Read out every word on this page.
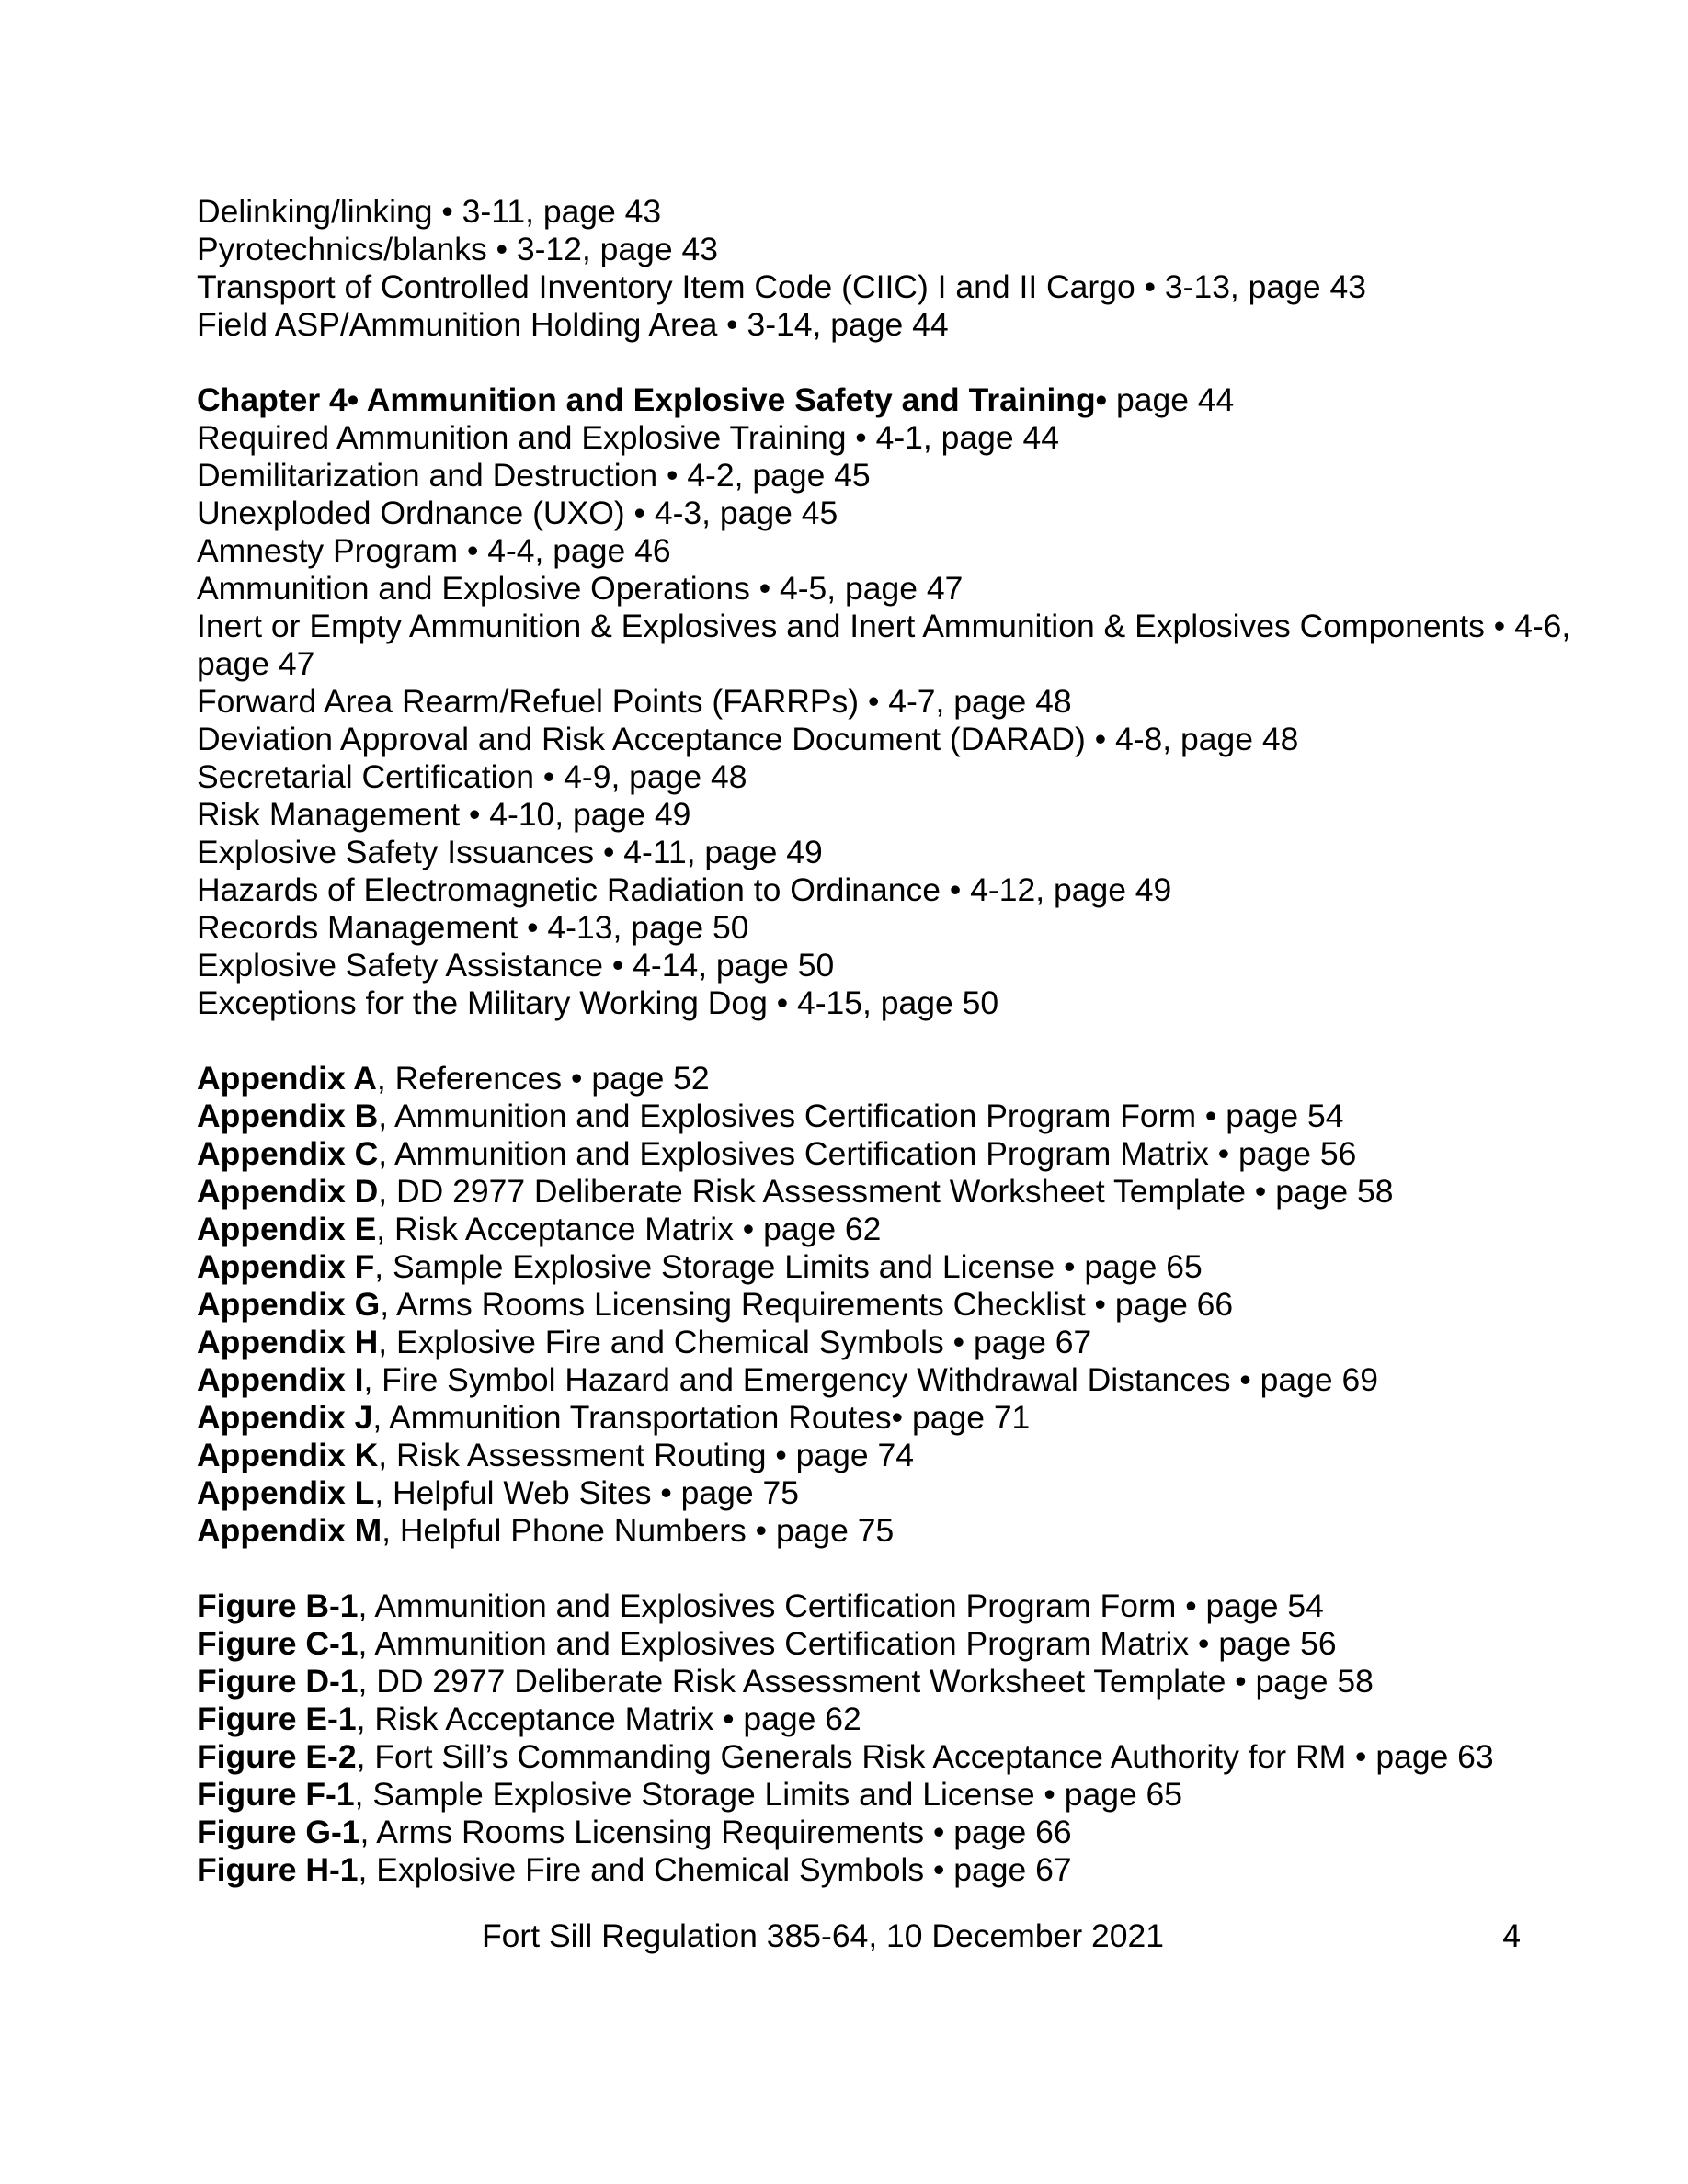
Delinking/linking • 3-11, page 43
Pyrotechnics/blanks • 3-12, page 43
Transport of Controlled Inventory Item Code (CIIC) I and II Cargo • 3-13, page 43
Field ASP/Ammunition Holding Area • 3-14, page 44
Chapter 4• Ammunition and Explosive Safety and Training• page 44
Required Ammunition and Explosive Training • 4-1, page 44
Demilitarization and Destruction • 4-2, page 45
Unexploded Ordnance (UXO) • 4-3, page 45
Amnesty Program • 4-4, page 46
Ammunition and Explosive Operations • 4-5, page 47
Inert or Empty Ammunition & Explosives and Inert Ammunition & Explosives Components • 4-6, page 47
Forward Area Rearm/Refuel Points (FARRPs) • 4-7, page 48
Deviation Approval and Risk Acceptance Document (DARAD) • 4-8, page 48
Secretarial Certification • 4-9, page 48
Risk Management • 4-10, page 49
Explosive Safety Issuances • 4-11, page 49
Hazards of Electromagnetic Radiation to Ordinance • 4-12, page 49
Records Management • 4-13, page 50
Explosive Safety Assistance • 4-14, page 50
Exceptions for the Military Working Dog • 4-15, page 50
Appendix A, References • page 52
Appendix B, Ammunition and Explosives Certification Program Form • page 54
Appendix C, Ammunition and Explosives Certification Program Matrix • page 56
Appendix D, DD 2977 Deliberate Risk Assessment Worksheet Template • page 58
Appendix E, Risk Acceptance Matrix • page 62
Appendix F, Sample Explosive Storage Limits and License • page 65
Appendix G, Arms Rooms Licensing Requirements Checklist • page 66
Appendix H, Explosive Fire and Chemical Symbols • page 67
Appendix I, Fire Symbol Hazard and Emergency Withdrawal Distances • page 69
Appendix J, Ammunition Transportation Routes• page 71
Appendix K, Risk Assessment Routing • page 74
Appendix L, Helpful Web Sites • page 75
Appendix M, Helpful Phone Numbers • page 75
Figure B-1, Ammunition and Explosives Certification Program Form • page 54
Figure C-1, Ammunition and Explosives Certification Program Matrix • page 56
Figure D-1, DD 2977 Deliberate Risk Assessment Worksheet Template • page 58
Figure E-1, Risk Acceptance Matrix • page 62
Figure E-2, Fort Sill’s Commanding Generals Risk Acceptance Authority for RM • page 63
Figure F-1, Sample Explosive Storage Limits and License • page 65
Figure G-1, Arms Rooms Licensing Requirements • page 66
Figure H-1, Explosive Fire and Chemical Symbols • page 67
Fort Sill Regulation 385-64, 10 December 2021	4
